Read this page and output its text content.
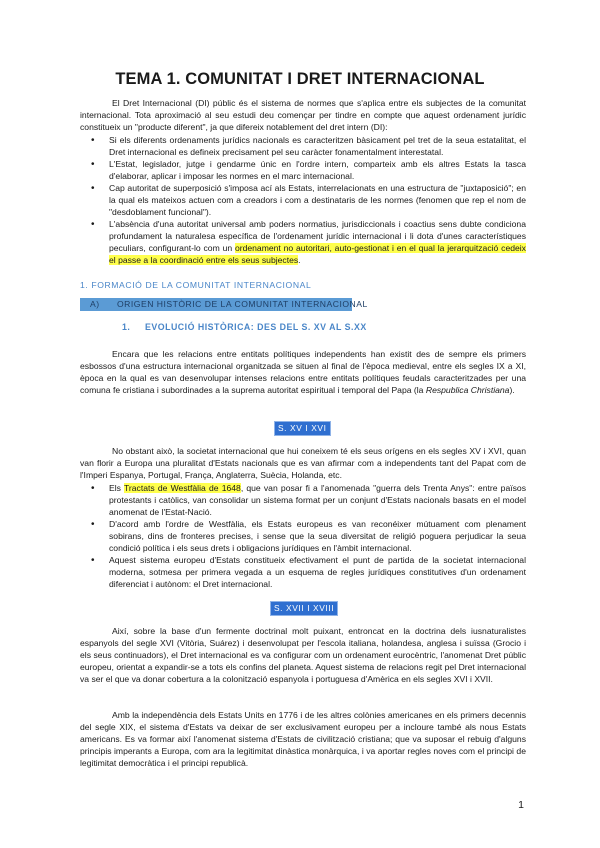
TEMA 1. COMUNITAT I DRET INTERNACIONAL

El Dret Internacional (DI) públic és el sistema de normes que s'aplica entre els subjectes de la comunitat internacional. Tota aproximació al seu estudi deu començar per tindre en compte que aquest ordenament jurídic constitueix un "producte diferent", ja que difereix notablement del dret intern (DI):

• Si els diferents ordenaments jurídics nacionals es caracteritzen bàsicament pel tret de la seua estatalitat, el Dret internacional es defineix precisament pel seu caràcter fonamentalment interestatal.

• L'Estat, legislador, jutge i gendarme únic en l'ordre intern, comparteix amb els altres Estats la tasca d'elaborar, aplicar i imposar les normes en el marc internacional.

• Cap autoritat de superposició s'imposa ací als Estats, interrelacionats en una estructura de "juxtaposició"; en la qual els mateixos actuen com a creadors i com a destinataris de les normes (fenomen que rep el nom de "desdoblament funcional").

• L'absència d'una autoritat universal amb poders normatius, jurisdiccionals i coactius sens dubte condiciona profundament la naturalesa específica de l'ordenament jurídic internacional i li dota d'unes característiques peculiars, configurant-lo com un ordenament no autoritari, auto-gestionat i en el qual la jerarquització cedeix el passe a la coordinació entre els seus subjectes.

1. FORMACIÓ DE LA COMUNITAT INTERNACIONAL
A) ORIGEN HISTÒRIC DE LA COMUNITAT INTERNACIONAL
1. EVOLUCIÓ HISTÒRICA: DES DEL S. XV AL S.XX

Encara que les relacions entre entitats polítiques independents han existit des de sempre els primers esbossos d'una estructura internacional organitzada se situen al final de l'època medieval, entre els segles IX a XI, època en la qual es van desenvolupar intenses relacions entre entitats polítiques feudals caracteritzades per una comuna fe cristiana i subordinades a la suprema autoritat espiritual i temporal del Papa (la Respublica Christiana).

S. XV I XVI

No obstant això, la societat internacional que hui coneixem té els seus orígens en els segles XV i XVI, quan van florir a Europa una pluralitat d'Estats nacionals que es van afirmar com a independents tant del Papat com de l'Imperi Espanya, Portugal, França, Anglaterra, Suècia, Holanda, etc.

• Els Tractats de Westfàlia de 1648, que van posar fi a l'anomenada "guerra dels Trenta Anys": entre països protestants i catòlics, van consolidar un sistema format per un conjunt d'Estats nacionals basats en el model anomenat de l'Estat-Nació.

• D'acord amb l'ordre de Westfàlia, els Estats europeus es van reconéixer mútuament com plenament sobirans, dins de fronteres precises, i sense que la seua diversitat de religió poguera perjudicar la seua condició política i els seus drets i obligacions jurídiques en l'àmbit internacional.

• Aquest sistema europeu d'Estats constitueix efectivament el punt de partida de la societat internacional moderna, sotmesa per primera vegada a un esquema de regles jurídiques constitutives d'un ordenament diferenciat i autònom: el Dret internacional.

S. XVII I XVIII

Així, sobre la base d'un fermente doctrinal molt puixant, entroncat en la doctrina dels iusnaturalistes espanyols del segle XVI (Vitòria, Suárez) i desenvolupat per l'escola italiana, holandesa, anglesa i suïssa (Grocio i els seus continuadors), el Dret internacional es va configurar com un ordenament eurocèntric, l'anomenat Dret públic europeu, orientat a expandir-se a tots els confins del planeta. Aquest sistema de relacions regit pel Dret internacional va ser el que va donar cobertura a la colonització espanyola i portuguesa d'Amèrica en els segles XVI i XVII.

Amb la independència dels Estats Units en 1776 i de les altres colònies americanes en els primers decennis del segle XIX, el sistema d'Estats va deixar de ser exclusivament europeu per a incloure també als nous Estats americans. Es va formar així l'anomenat sistema d'Estats de civilització cristiana; que va suposar el rebuig d'alguns principis imperants a Europa, com ara la legitimitat dinàstica monàrquica, i va aportar regles noves com el principi de legitimitat democràtica i el principi republicà.

1
